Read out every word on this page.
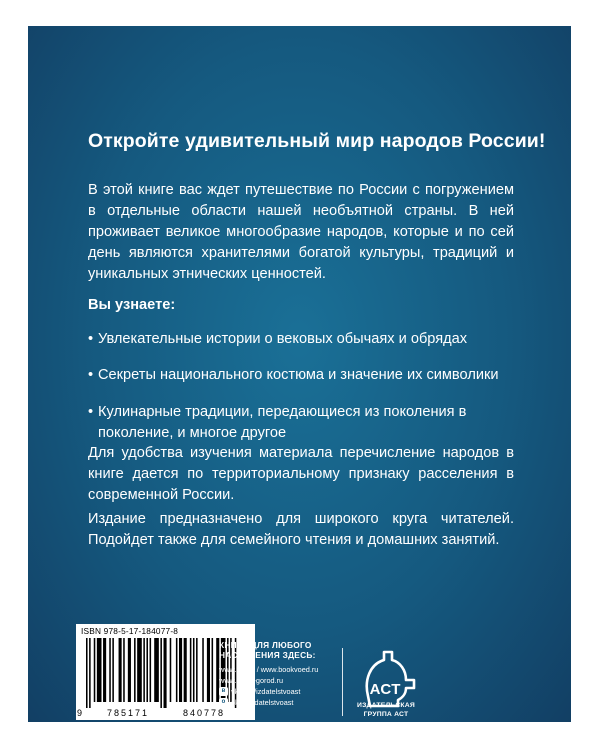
Откройте удивительный мир народов России!
В этой книге вас ждет путешествие по России с погружением в отдельные области нашей необъятной страны. В ней проживает великое многообразие народов, которые и по сей день являются хранителями богатой культуры, традиций и уникальных этнических ценностей.
Вы узнаете:
• Увлекательные истории о вековых обычаях и обрядах
• Секреты национального костюма и значение их символики
• Кулинарные традиции, передающиеся из поколения в поколение, и многое другое
Для удобства изучения материала перечисление народов в книге дается по территориальному признаку расселения в современной России.
Издание предназначено для широкого круга читателей. Подойдет также для семейного чтения и домашних занятий.
9	785171	840778
ISBN 978-5-17-184077-8
КНИГИ ДЛЯ ЛЮБОГО
НАСТРОЕНИЯ ЗДЕСЬ:
www.ast.ru / www.bookvoed.ru
www.chitai-gorod.ru
в vk.com/izdatelstvoast
о ok.ru/izdatelstvoast
ACT
ИЗДАТЕЛЬСКАЯ
ГРУППА АСТ
